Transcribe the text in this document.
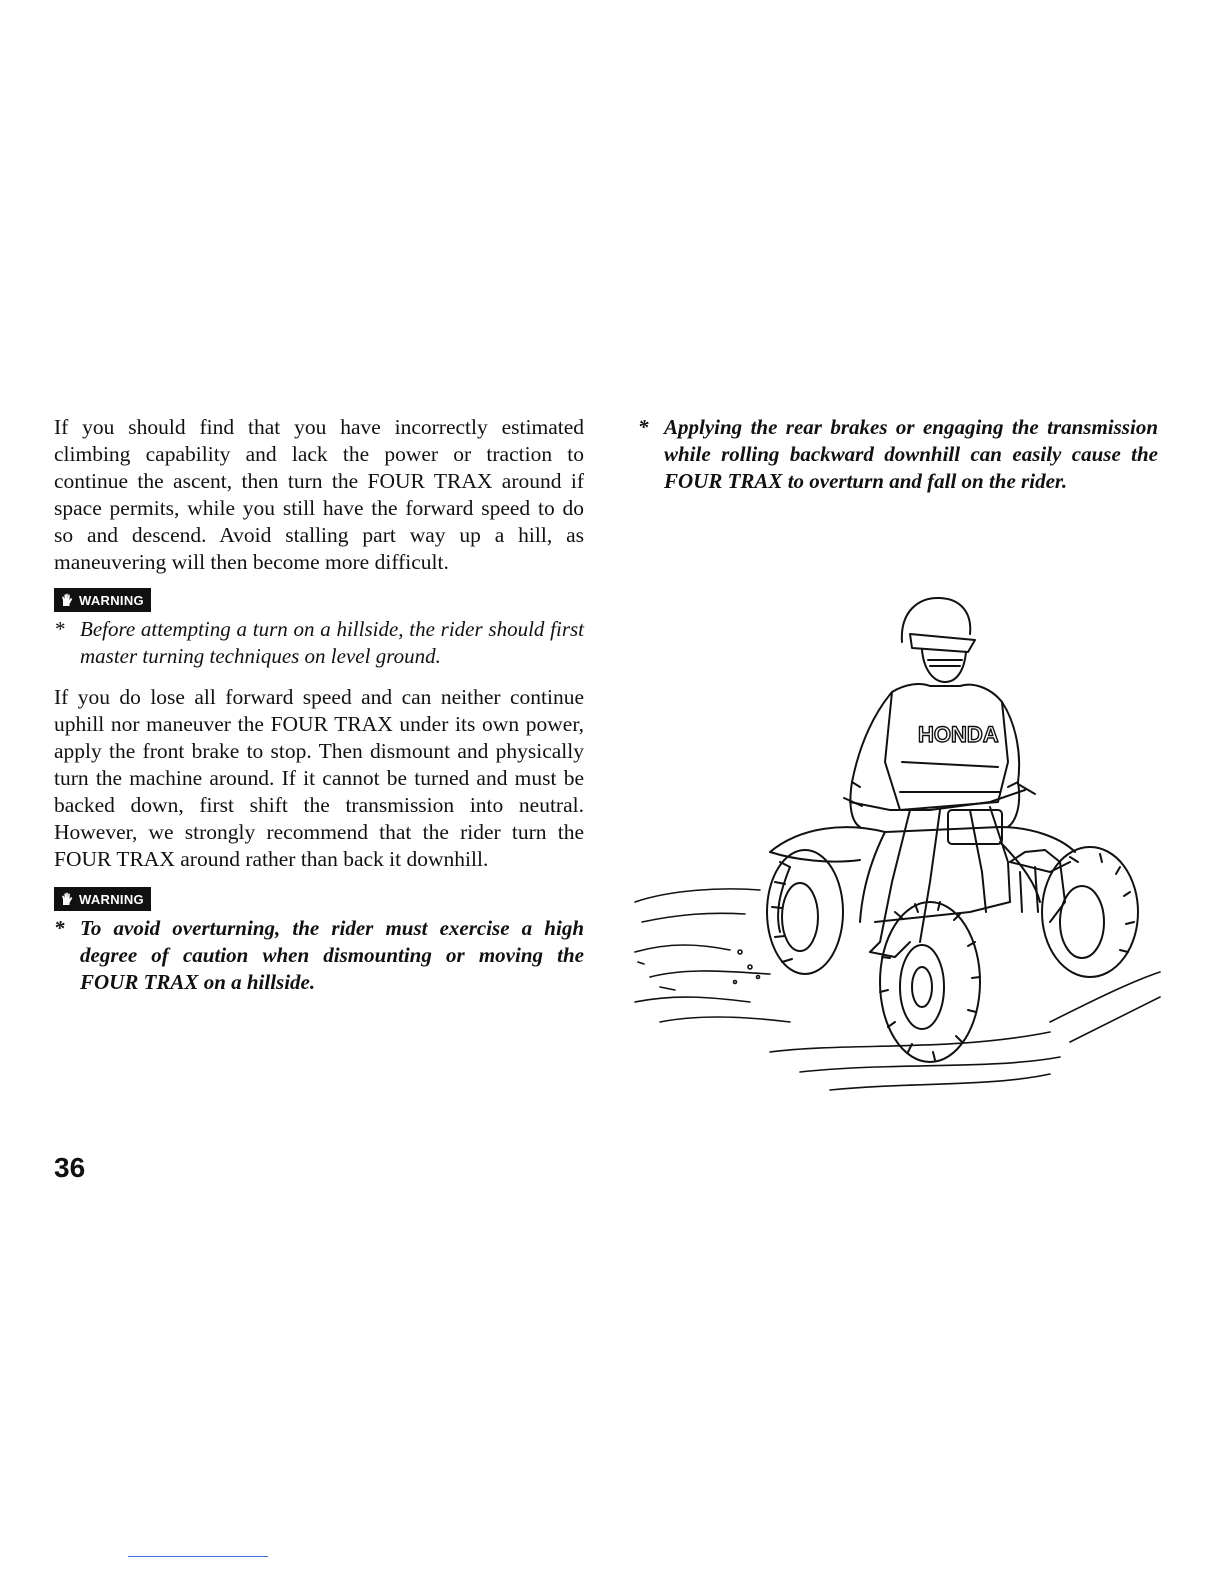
If you should find that you have incorrectly estimated climbing capability and lack the power or traction to continue the ascent, then turn the FOUR TRAX around if space permits, while you still have the forward speed to do so and descend. Avoid stalling part way up a hill, as maneuvering will then become more difficult.

WARNING
* Before attempting a turn on a hillside, the rider should first master turning techniques on level ground.

If you do lose all forward speed and can neither continue uphill nor maneuver the FOUR TRAX under its own power, apply the front brake to stop. Then dismount and physically turn the machine around. If it cannot be turned and must be backed down, first shift the transmission into neutral. However, we strongly recommend that the rider turn the FOUR TRAX around rather than back it downhill.

WARNING
* To avoid overturning, the rider must exercise a high degree of caution when dismounting or moving the FOUR TRAX on a hillside.
* Applying the rear brakes or engaging the transmission while rolling backward downhill can easily cause the FOUR TRAX to overturn and fall on the rider.
HONDA
36
